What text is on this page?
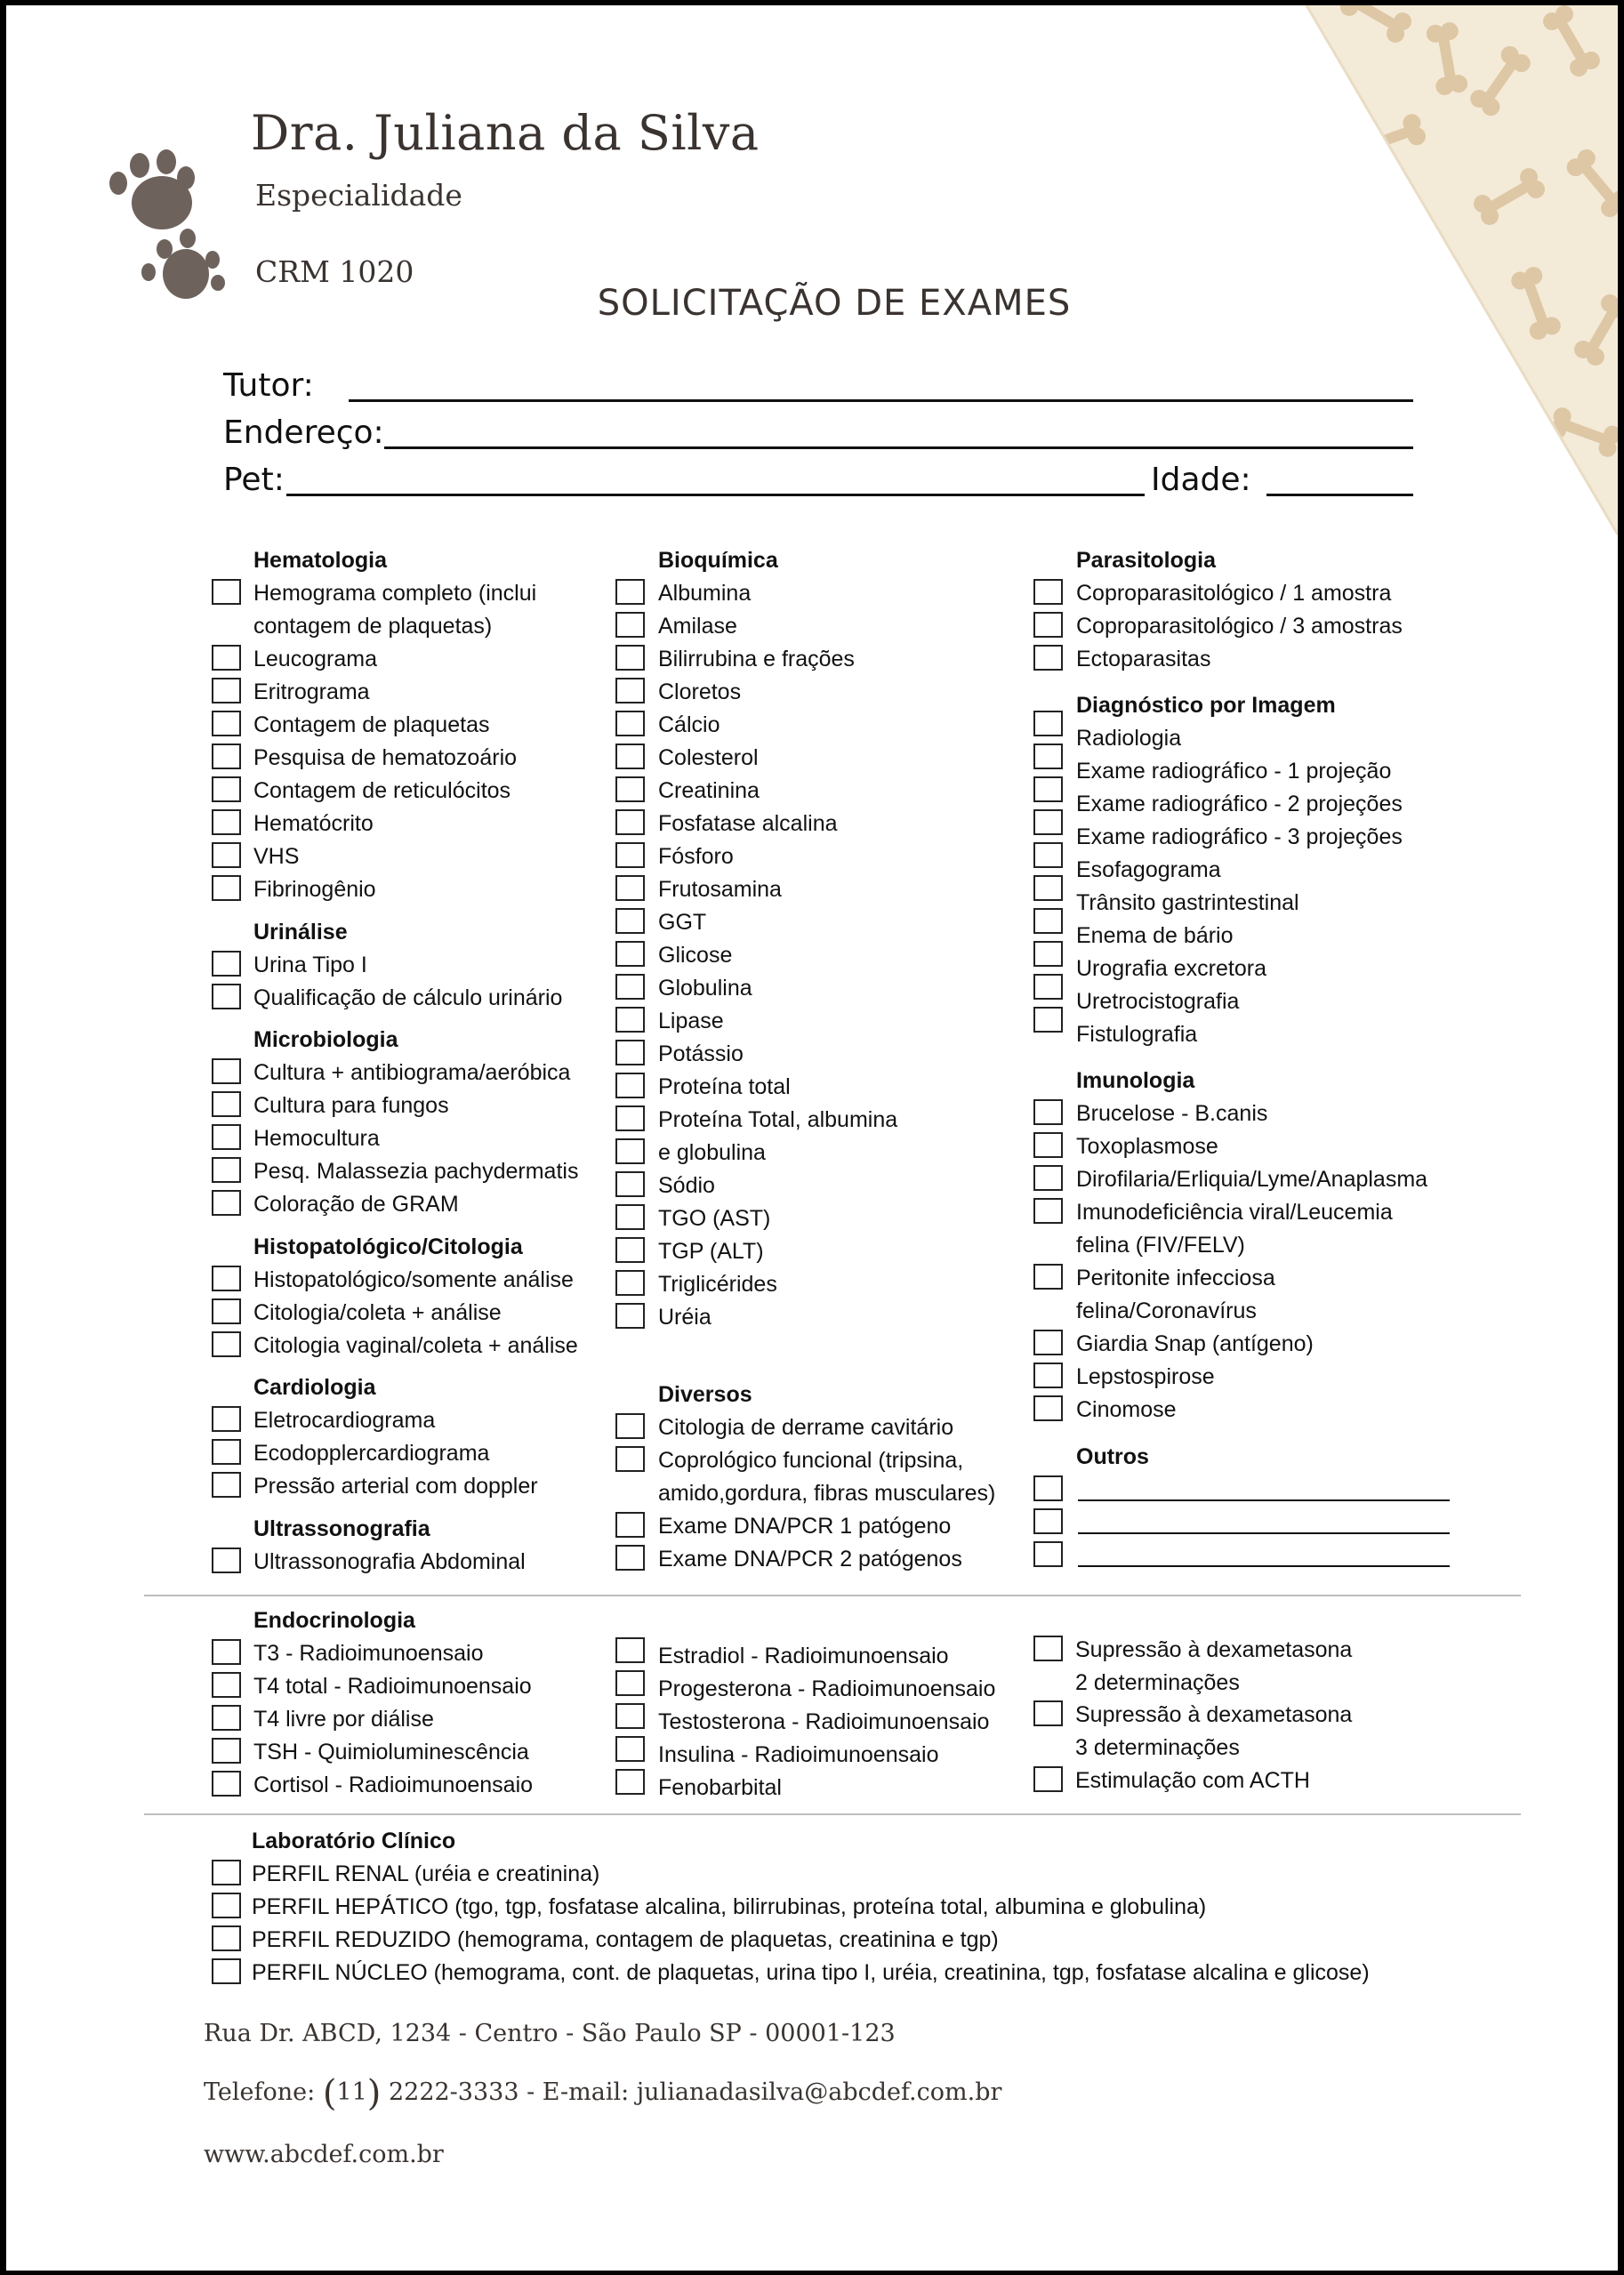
Dra. Juliana da Silva
Especialidade
CRM 1020
SOLICITAÇÃO DE EXAMES
Tutor:
Endereço:
Pet:	Idade:
Hematologia
Hemograma completo (inclui
contagem de plaquetas)
Leucograma
Eritrograma
Contagem de plaquetas
Pesquisa de hematozoário
Contagem de reticulócitos
Hematócrito
VHS
Fibrinogênio
Urinálise
Urina Tipo I
Qualificação de cálculo urinário
Microbiologia
Cultura + antibiograma/aeróbica
Cultura para fungos
Hemocultura
Pesq. Malassezia pachydermatis
Coloração de GRAM
Histopatológico/Citologia
Histopatológico/somente análise
Citologia/coleta + análise
Citologia vaginal/coleta + análise
Cardiologia
Eletrocardiograma
Ecodopplercardiograma
Pressão arterial com doppler
Ultrassonografia
Ultrassonografia Abdominal
Bioquímica
Albumina
Amilase
Bilirrubina e frações
Cloretos
Cálcio
Colesterol
Creatinina
Fosfatase alcalina
Fósforo
Frutosamina
GGT
Glicose
Globulina
Lipase
Potássio
Proteína total
Proteína Total, albumina
e globulina
Sódio
TGO (AST)
TGP (ALT)
Triglicérides
Uréia
Diversos
Citologia de derrame cavitário
Coprológico funcional (tripsina,
amido,gordura, fibras musculares)
Exame DNA/PCR 1 patógeno
Exame DNA/PCR 2 patógenos
Parasitologia
Coproparasitológico / 1 amostra
Coproparasitológico / 3 amostras
Ectoparasitas
Diagnóstico por Imagem
Radiologia
Exame radiográfico - 1 projeção
Exame radiográfico - 2 projeções
Exame radiográfico - 3 projeções
Esofagograma
Trânsito gastrintestinal
Enema de bário
Urografia excretora
Uretrocistografia
Fistulografia
Imunologia
Brucelose - B.canis
Toxoplasmose
Dirofilaria/Erliquia/Lyme/Anaplasma
Imunodeficiência viral/Leucemia
felina (FIV/FELV)
Peritonite infecciosa
felina/Coronavírus
Giardia Snap (antígeno)
Lepstospirose
Cinomose
Outros
Endocrinologia
T3 - Radioimunoensaio
T4 total - Radioimunoensaio
T4 livre por diálise
TSH - Quimioluminescência
Cortisol - Radioimunoensaio
Estradiol - Radioimunoensaio
Progesterona - Radioimunoensaio
Testosterona - Radioimunoensaio
Insulina - Radioimunoensaio
Fenobarbital
Supressão à dexametasona
2 determinações
Supressão à dexametasona
3 determinações
Estimulação com ACTH
Laboratório Clínico
PERFIL RENAL (uréia e creatinina)
PERFIL HEPÁTICO (tgo, tgp, fosfatase alcalina, bilirrubinas, proteína total, albumina e globulina)
PERFIL REDUZIDO (hemograma, contagem de plaquetas, creatinina e tgp)
PERFIL NÚCLEO (hemograma, cont. de plaquetas, urina tipo I, uréia, creatinina, tgp, fosfatase alcalina e glicose)
Rua Dr. ABCD, 1234 - Centro - São Paulo SP - 00001-123
Telefone: (11) 2222-3333 - E-mail: julianadasilva@abcdef.com.br
www.abcdef.com.br
